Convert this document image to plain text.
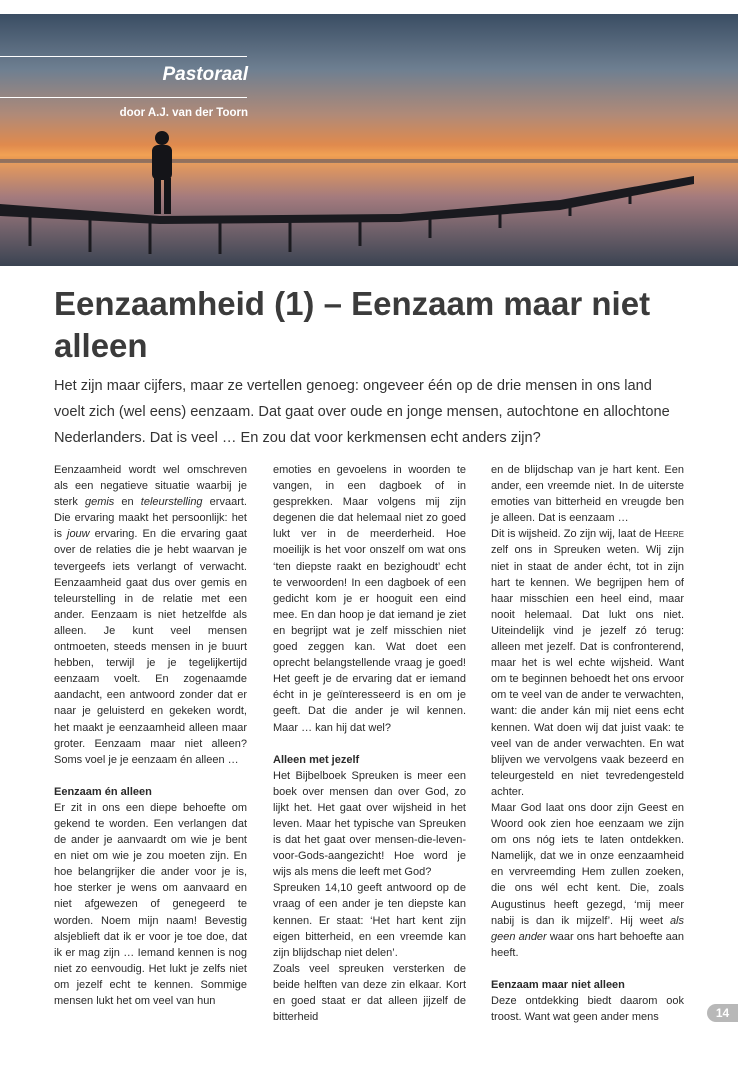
Pastoraal
door A.J. van der Toorn
Eenzaamheid (1) – Eenzaam maar niet alleen

Het zijn maar cijfers, maar ze vertellen genoeg: ongeveer één op de drie mensen in ons land voelt zich (wel eens) eenzaam. Dat gaat over oude en jonge mensen, autochtone en allochtone Nederlanders. Dat is veel … En zou dat voor kerkmensen echt anders zijn?

Eenzaamheid wordt wel omschreven als een negatieve situatie waarbij je sterk gemis en teleurstelling ervaart. Die ervaring maakt het persoonlijk: het is jouw ervaring. En die ervaring gaat over de relaties die je hebt waarvan je tevergeefs iets verlangt of verwacht. Eenzaamheid gaat dus over gemis en teleurstelling in de relatie met een ander. Eenzaam is niet hetzelfde als alleen. Je kunt veel mensen ontmoeten, steeds mensen in je buurt hebben, terwijl je je tegelijkertijd eenzaam voelt. En zogenaamde aandacht, een antwoord zonder dat er naar je geluisterd en gekeken wordt, het maakt je eenzaamheid alleen maar groter. Eenzaam maar niet alleen? Soms voel je je eenzaam én alleen …

Eenzaam én alleen

Er zit in ons een diepe behoefte om gekend te worden. Een verlangen dat de ander je aanvaardt om wie je bent en niet om wie je zou moeten zijn. En hoe belangrijker die ander voor je is, hoe sterker je wens om aanvaard en niet afgewezen of genegeerd te worden. Noem mijn naam! Bevestig alsjeblieft dat ik er voor je toe doe, dat ik er mag zijn … Iemand kennen is nog niet zo eenvoudig. Het lukt je zelfs niet om jezelf echt te kennen. Sommige mensen lukt het om veel van hun

emoties en gevoelens in woorden te vangen, in een dagboek of in gesprekken. Maar volgens mij zijn degenen die dat helemaal niet zo goed lukt ver in de meerderheid. Hoe moeilijk is het voor onszelf om wat ons ‘ten diepste raakt en bezighoudt’ echt te verwoorden! In een dagboek of een gedicht kom je er hooguit een eind mee. En dan hoop je dat iemand je ziet en begrijpt wat je zelf misschien niet goed zeggen kan. Wat doet een oprecht belangstellende vraag je goed! Het geeft je de ervaring dat er iemand écht in je geïnteresseerd is en om je geeft. Dat die ander je wil kennen. Maar … kan hij dat wel?

Alleen met jezelf

Het Bijbelboek Spreuken is meer een boek over mensen dan over God, zo lijkt het. Het gaat over wijsheid in het leven. Maar het typische van Spreuken is dat het gaat over mensen-die-leven-voor-Gods-aangezicht! Hoe word je wijs als mens die leeft met God?

Spreuken 14,10 geeft antwoord op de vraag of een ander je ten diepste kan kennen. Er staat: ‘Het hart kent zijn eigen bitterheid, en een vreemde kan zijn blijdschap niet delen’.

Zoals veel spreuken versterken de beide helften van deze zin elkaar. Kort en goed staat er dat alleen jijzelf de bitterheid

en de blijdschap van je hart kent. Een ander, een vreemde niet. In de uiterste emoties van bitterheid en vreugde ben je alleen. Dat is eenzaam …

Dit is wijsheid. Zo zijn wij, laat de Heere zelf ons in Spreuken weten. Wij zijn niet in staat de ander écht, tot in zijn hart te kennen. We begrijpen hem of haar misschien een heel eind, maar nooit helemaal. Dat lukt ons niet. Uiteindelijk vind je jezelf zó terug: alleen met jezelf. Dat is confronterend, maar het is wel echte wijsheid. Want om te beginnen behoedt het ons ervoor om te veel van de ander te verwachten, want: die ander kán mij niet eens echt kennen. Wat doen wij dat juist vaak: te veel van de ander verwachten. En wat blijven we vervolgens vaak bezeerd en teleurgesteld en niet tevredengesteld achter.

Maar God laat ons door zijn Geest en Woord ook zien hoe eenzaam we zijn om ons nóg iets te laten ontdekken. Namelijk, dat we in onze eenzaamheid en vervreemding Hem zullen zoeken, die ons wél echt kent. Die, zoals Augustinus heeft gezegd, ‘mij meer nabij is dan ik mijzelf’. Hij weet als geen ander waar ons hart behoefte aan heeft.

Eenzaam maar niet alleen

Deze ontdekking biedt daarom ook troost. Want wat geen ander mens	14
